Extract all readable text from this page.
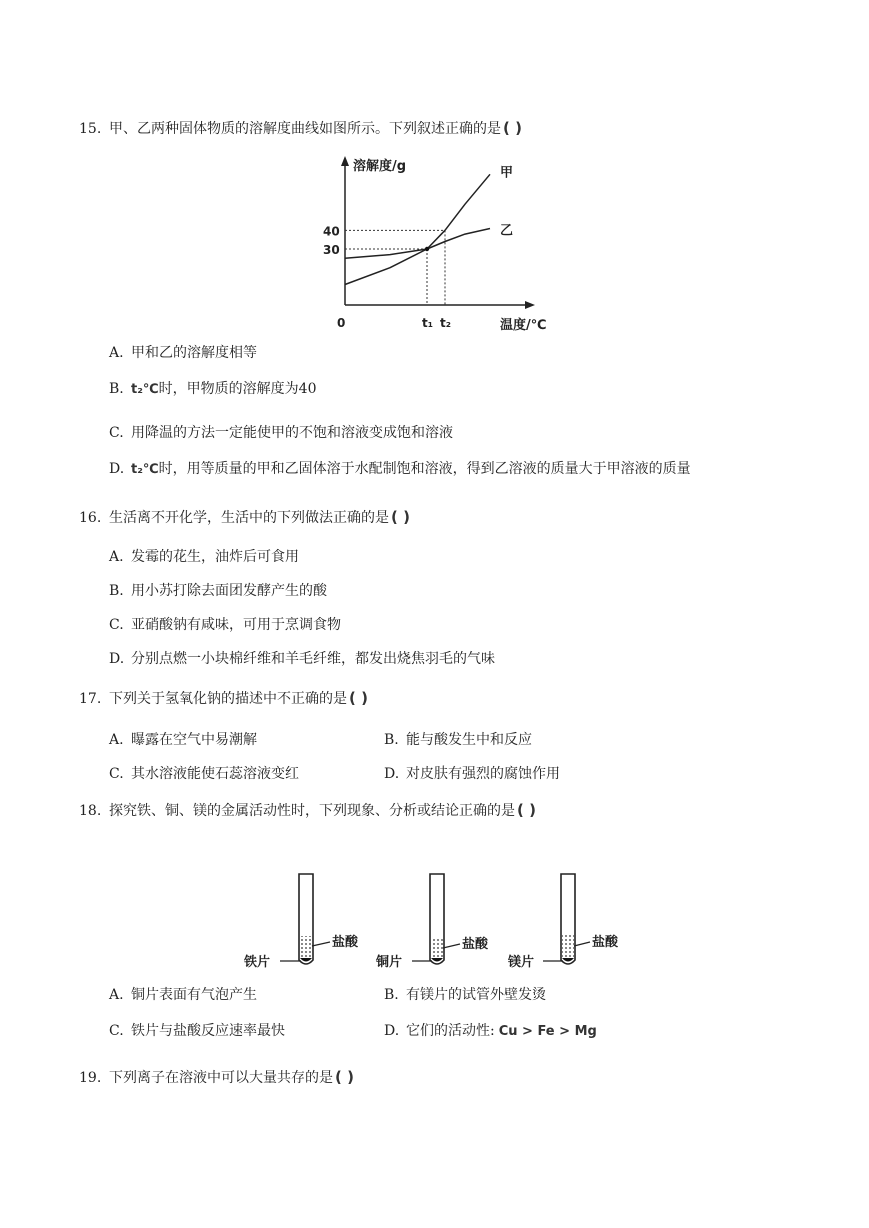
15. 甲、乙两种固体物质的溶解度曲线如图所示。下列叙述正确的是 ( )
溶解度/g
温度/℃
0
30
40
甲
乙
t₁ t₂
A. 甲和乙的溶解度相等
B. t₂℃时，甲物质的溶解度为40
C. 用降温的方法一定能使甲的不饱和溶液变成饱和溶液
D. t₂℃时，用等质量的甲和乙固体溶于水配制饱和溶液，得到乙溶液的质量大于甲溶液的质量
16. 生活离不开化学，生活中的下列做法正确的是 ( )
A. 发霉的花生，油炸后可食用
B. 用小苏打除去面团发酵产生的酸
C. 亚硝酸钠有咸味，可用于烹调食物
D. 分别点燃一小块棉纤维和羊毛纤维，都发出烧焦羽毛的气味
17. 下列关于氢氧化钠的描述中不正确的是 ( )
A. 曝露在空气中易潮解	B. 能与酸发生中和反应
C. 其水溶液能使石蕊溶液变红	D. 对皮肤有强烈的腐蚀作用
18. 探究铁、铜、镁的金属活动性时，下列现象、分析或结论正确的是 ( )
铁片
盐酸
铜片
盐酸
镁片
盐酸
A. 铜片表面有气泡产生	B. 有镁片的试管外壁发烫
C. 铁片与盐酸反应速率最快	D. 它们的活动性: Cu > Fe > Mg
19. 下列离子在溶液中可以大量共存的是 ( )
